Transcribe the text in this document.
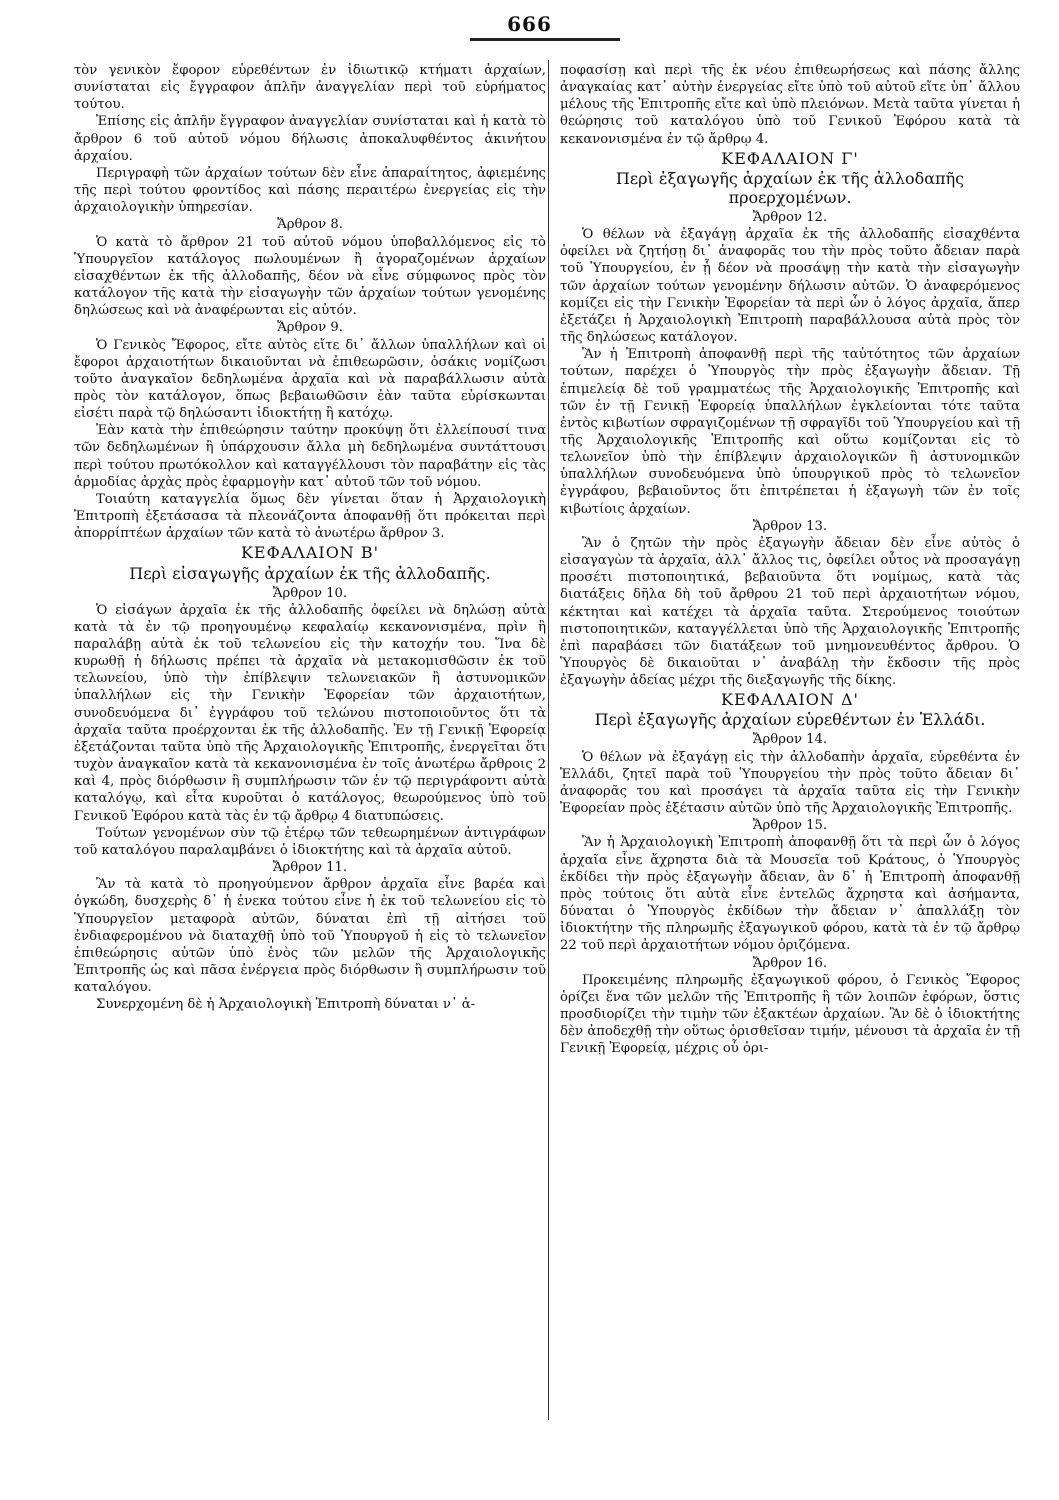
666

τὸν γενικὸν ἔφορον εὑρεθέντων ἐν ἰδιωτικῷ κτήματι ἀρχαίων, συνίσταται εἰς ἔγγραφον ἁπλῆν ἀναγγελίαν περὶ τοῦ εὑρήματος τούτου.

Ἐπίσης εἰς ἁπλῆν ἔγγραφον ἀναγγελίαν συνίσταται καὶ ἡ κατὰ τὸ ἄρθρον 6 τοῦ αὐτοῦ νόμου δήλωσις ἀποκαλυφθέντος ἀκινήτου ἀρχαίου.

Περιγραφὴ τῶν ἀρχαίων τούτων δὲν εἶνε ἀπαραίτητος, ἀφιεμένης τῆς περὶ τούτου φροντίδος καὶ πάσης περαιτέρω ἐνεργείας εἰς τὴν ἀρχαιολογικὴν ὑπηρεσίαν.

Ἄρθρον 8.

Ὁ κατὰ τὸ ἄρθρον 21 τοῦ αὐτοῦ νόμου ὑποβαλλόμενος εἰς τὸ Ὑπουργεῖον κατάλογος πωλουμένων ἢ ἀγοραζομένων ἀρχαίων εἰσαχθέντων ἐκ τῆς ἀλλοδαπῆς, δέον νὰ εἶνε σύμφωνος πρὸς τὸν κατάλογον τῆς κατὰ τὴν εἰσαγωγὴν τῶν ἀρχαίων τούτων γενομένης δηλώσεως καὶ νὰ ἀναφέρωνται εἰς αὐτόν.

Ἄρθρον 9.

Ὁ Γενικὸς Ἔφορος, εἴτε αὐτὸς εἴτε δι᾽ ἄλλων ὑπαλλήλων καὶ οἱ ἔφοροι ἀρχαιοτήτων δικαιοῦνται νὰ ἐπιθεωρῶσιν, ὁσάκις νομίζωσι τοῦτο ἀναγκαῖον δεδηλωμένα ἀρχαῖα καὶ νὰ παραβάλλωσιν αὐτὰ πρὸς τὸν κατάλογον, ὅπως βεβαιωθῶσιν ἐὰν ταῦτα εὑρίσκωνται εἰσέτι παρὰ τῷ δηλώσαντι ἰδιοκτήτῃ ἢ κατόχῳ.

Ἐὰν κατὰ τὴν ἐπιθεώρησιν ταύτην προκύψῃ ὅτι ἐλλείπουσί τινα τῶν δεδηλωμένων ἢ ὑπάρχουσιν ἄλλα μὴ δεδηλωμένα συντάττουσι περὶ τούτου πρωτόκολλον καὶ καταγγέλλουσι τὸν παραβάτην εἰς τὰς ἁρμοδίας ἀρχὰς πρὸς ἐφαρμογὴν κατ᾽ αὐτοῦ τῶν τοῦ νόμου.

Τοιαύτη καταγγελία ὅμως δὲν γίνεται ὅταν ἡ Ἀρχαιολογικὴ Ἐπιτροπὴ ἐξετάσασα τὰ πλεονάζοντα ἀποφανθῇ ὅτι πρόκειται περὶ ἀπορρίπτέων ἀρχαίων τῶν κατὰ τὸ ἀνωτέρω ἄρθρον 3.

ΚΕΦΑΛΑΙΟΝ Β'

Περὶ εἰσαγωγῆς ἀρχαίων ἐκ τῆς ἀλλοδαπῆς.

Ἄρθρον 10.

Ὁ εἰσάγων ἀρχαῖα ἐκ τῆς ἀλλοδαπῆς ὀφείλει νὰ δηλώσῃ αὐτὰ κατὰ τὰ ἐν τῷ προηγουμένῳ κεφαλαίῳ κεκανονισμένα, πρὶν ἢ παραλάβῃ αὐτὰ ἐκ τοῦ τελωνείου εἰς τὴν κατοχήν του. Ἵνα δὲ κυρωθῇ ἡ δήλωσις πρέπει τὰ ἀρχαῖα νὰ μετακομισθῶσιν ἐκ τοῦ τελωνείου, ὑπὸ τὴν ἐπίβλεψιν τελωνειακῶν ἢ ἀστυνομικῶν ὑπαλλήλων εἰς τὴν Γενικὴν Ἐφορείαν τῶν ἀρχαιοτήτων, συνοδευόμενα δι᾽ ἐγγράφου τοῦ τελώνου πιστοποιοῦντος ὅτι τὰ ἀρχαῖα ταῦτα προέρχονται ἐκ τῆς ἀλλοδαπῆς. Ἐν τῇ Γενικῇ Ἐφορείᾳ ἐξετάζονται ταῦτα ὑπὸ τῆς Ἀρχαιολογικῆς Ἐπιτροπῆς, ἐνεργεῖται ὅτι τυχὸν ἀναγκαῖον κατὰ τὰ κεκανονισμένα ἐν τοῖς ἀνωτέρω ἄρθροις 2 καὶ 4, πρὸς διόρθωσιν ἢ συμπλήρωσιν τῶν ἐν τῷ περιγράφοντι αὐτὰ καταλόγῳ, καὶ εἶτα κυροῦται ὁ κατάλογος, θεωρούμενος ὑπὸ τοῦ Γενικοῦ Ἐφόρου κατὰ τὰς ἐν τῷ ἄρθρῳ 4 διατυπώσεις.

Τούτων γενομένων σὺν τῷ ἑτέρῳ τῶν τεθεωρημένων ἀντιγράφων τοῦ καταλόγου παραλαμβάνει ὁ ἰδιοκτήτης καὶ τὰ ἀρχαῖα αὐτοῦ.

Ἄρθρον 11.

Ἂν τὰ κατὰ τὸ προηγούμενον ἄρθρον ἀρχαῖα εἶνε βαρέα καὶ ὀγκώδη, δυσχερὴς δ᾽ ἡ ἐνεκα τούτου εἶνε ἡ ἐκ τοῦ τελωνείου εἰς τὸ Ὑπουργεῖον μεταφορὰ αὐτῶν, δύναται ἐπὶ τῇ αἰτήσει τοῦ ἐνδιαφερομένου νὰ διαταχθῇ ὑπὸ τοῦ Ὑπουργοῦ ἡ εἰς τὸ τελωνεῖον ἐπιθεώρησις αὐτῶν ὑπὸ ἑνὸς τῶν μελῶν τῆς Ἀρχαιολογικῆς Ἐπιτροπῆς ὡς καὶ πᾶσα ἐνέργεια πρὸς διόρθωσιν ἢ συμπλήρωσιν τοῦ καταλόγου.

Συνερχομένη δὲ ἡ Ἀρχαιολογικὴ Ἐπιτροπὴ δύναται ν᾽ ἀ-

ποφασίσῃ καὶ περὶ τῆς ἐκ νέου ἐπιθεωρήσεως καὶ πάσης ἄλλης ἀναγκαίας κατ᾽ αὐτὴν ἐνεργείας εἴτε ὑπὸ τοῦ αὐτοῦ εἴτε ὑπ᾽ ἄλλου μέλους τῆς Ἐπιτροπῆς εἴτε καὶ ὑπὸ πλειόνων. Μετὰ ταῦτα γίνεται ἡ θεώρησις τοῦ καταλόγου ὑπὸ τοῦ Γενικοῦ Ἐφόρου κατὰ τὰ κεκανονισμένα ἐν τῷ ἄρθρῳ 4.

ΚΕΦΑΛΑΙΟΝ Γ'

Περὶ ἐξαγωγῆς ἀρχαίων ἐκ τῆς ἀλλοδαπῆς προερχομένων.

Ἄρθρον 12.

Ὁ θέλων νὰ ἐξαγάγῃ ἀρχαῖα ἐκ τῆς ἀλλοδαπῆς εἰσαχθέντα ὀφείλει νὰ ζητήσῃ δι᾽ ἀναφορᾶς του τὴν πρὸς τοῦτο ἄδειαν παρὰ τοῦ Ὑπουργείου, ἐν ᾗ δέον νὰ προσάψῃ τὴν κατὰ τὴν εἰσαγωγὴν τῶν ἀρχαίων τούτων γενομένην δήλωσιν αὐτῶν. Ὁ ἀναφερόμενος κομίζει εἰς τὴν Γενικὴν Ἐφορείαν τὰ περὶ ὧν ὁ λόγος ἀρχαῖα, ἅπερ ἐξετάζει ἡ Ἀρχαιολογικὴ Ἐπιτροπὴ παραβάλλουσα αὐτὰ πρὸς τὸν τῆς δηλώσεως κατάλογον.

Ἂν ἡ Ἐπιτροπὴ ἀποφανθῇ περὶ τῆς ταὐτότητος τῶν ἀρχαίων τούτων, παρέχει ὁ Ὑπουργὸς τὴν πρὸς ἐξαγωγὴν ἄδειαν. Τῇ ἐπιμελείᾳ δὲ τοῦ γραμματέως τῆς Ἀρχαιολογικῆς Ἐπιτροπῆς καὶ τῶν ἐν τῇ Γενικῇ Ἐφορείᾳ ὑπαλλήλων ἐγκλείονται τότε ταῦτα ἐντὸς κιβωτίων σφραγιζομένων τῇ σφραγῖδι τοῦ Ὑπουργείου καὶ τῇ τῆς Ἀρχαιολογικῆς Ἐπιτροπῆς καὶ οὕτω κομίζονται εἰς τὸ τελωνεῖον ὑπὸ τὴν ἐπίβλεψιν ἀρχαιολογικῶν ἢ ἀστυνομικῶν ὑπαλλήλων συνοδευόμενα ὑπὸ ὑπουργικοῦ πρὸς τὸ τελωνεῖον ἐγγράφου, βεβαιοῦντος ὅτι ἐπιτρέπεται ἡ ἐξαγωγὴ τῶν ἐν τοῖς κιβωτίοις ἀρχαίων.

Ἄρθρον 13.

Ἂν ὁ ζητῶν τὴν πρὸς ἐξαγωγὴν ἄδειαν δὲν εἶνε αὐτὸς ὁ εἰσαγαγὼν τὰ ἀρχαῖα, ἀλλ᾽ ἄλλος τις, ὀφείλει οὗτος νὰ προσαγάγῃ προσέτι πιστοποιητικά, βεβαιοῦντα ὅτι νομίμως, κατὰ τὰς διατάξεις δῆλα δὴ τοῦ ἄρθρου 21 τοῦ περὶ ἀρχαιοτήτων νόμου, κέκτηται καὶ κατέχει τὰ ἀρχαῖα ταῦτα. Στερούμενος τοιούτων πιστοποιητικῶν, καταγγέλλεται ὑπὸ τῆς Ἀρχαιολογικῆς Ἐπιτροπῆς ἐπὶ παραβάσει τῶν διατάξεων τοῦ μνημονευθέντος ἄρθρου. Ὁ Ὑπουργὸς δὲ δικαιοῦται ν᾽ ἀναβάλῃ τὴν ἔκδοσιν τῆς πρὸς ἐξαγωγὴν ἀδείας μέχρι τῆς διεξαγωγῆς τῆς δίκης.

ΚΕΦΑΛΑΙΟΝ Δ'

Περὶ ἐξαγωγῆς ἀρχαίων εὑρεθέντων ἐν Ἑλλάδι.

Ἄρθρον 14.

Ὁ θέλων νὰ ἐξαγάγῃ εἰς τὴν ἀλλοδαπὴν ἀρχαῖα, εὑρεθέντα ἐν Ἑλλάδι, ζητεῖ παρὰ τοῦ Ὑπουργείου τὴν πρὸς τοῦτο ἄδειαν δι᾽ ἀναφορᾶς του καὶ προσάγει τὰ ἀρχαῖα ταῦτα εἰς τὴν Γενικὴν Ἐφορείαν πρὸς ἐξέτασιν αὐτῶν ὑπὸ τῆς Ἀρχαιολογικῆς Ἐπιτροπῆς.

Ἄρθρον 15.

Ἂν ἡ Ἀρχαιολογικὴ Ἐπιτροπὴ ἀποφανθῇ ὅτι τὰ περὶ ὧν ὁ λόγος ἀρχαῖα εἶνε ἄχρηστα διὰ τὰ Μουσεῖα τοῦ Κράτους, ὁ Ὑπουργὸς ἐκδίδει τὴν πρὸς ἐξαγωγὴν ἄδειαν, ἂν δ᾽ ἡ Ἐπιτροπὴ ἀποφανθῇ πρὸς τούτοις ὅτι αὐτὰ εἶνε ἐντελῶς ἄχρηστα καὶ ἀσήμαντα, δύναται ὁ Ὑπουργὸς ἐκδίδων τὴν ἄδειαν ν᾽ ἀπαλλάξῃ τὸν ἰδιοκτήτην τῆς πληρωμῆς ἐξαγωγικοῦ φόρου, κατὰ τὰ ἐν τῷ ἄρθρῳ 22 τοῦ περὶ ἀρχαιοτήτων νόμου ὁριζόμενα.

Ἄρθρον 16.

Προκειμένης πληρωμῆς ἐξαγωγικοῦ φόρου, ὁ Γενικὸς Ἔφορος ὁρίζει ἕνα τῶν μελῶν τῆς Ἐπιτροπῆς ἢ τῶν λοιπῶν ἐφόρων, ὅστις προσδιορίζει τὴν τιμὴν τῶν ἐξακτέων ἀρχαίων. Ἂν δὲ ὁ ἰδιοκτήτης δὲν ἀποδεχθῇ τὴν οὕτως ὁρισθεῖσαν τιμήν, μένουσι τὰ ἀρχαῖα ἐν τῇ Γενικῇ Ἐφορείᾳ, μέχρις οὗ ὁρι-
